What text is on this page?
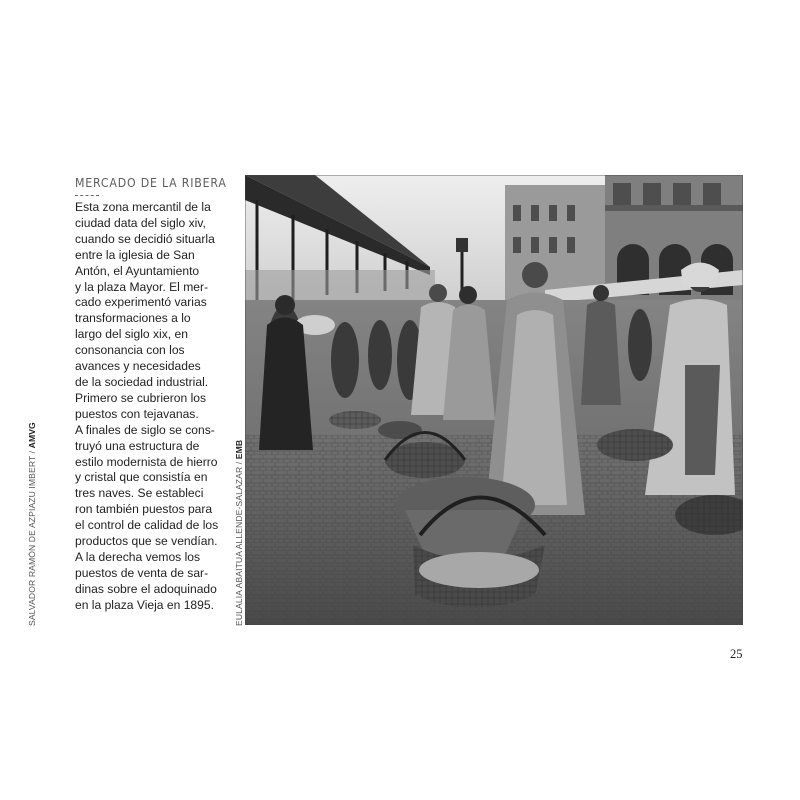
SALVADOR RAMÓN DE AZPIAZU IMBERT / AMVG
MERCADO DE LA RIBERA
Esta zona mercantil de la
ciudad data del siglo xiv,
cuando se decidió situarla
entre la iglesia de San
Antón, el Ayuntamiento
y la plaza Mayor. El mer-
cado experimentó varias
transformaciones a lo
largo del siglo xix, en
consonancia con los
avances y necesidades
de la sociedad industrial.
Primero se cubrieron los
puestos con tejavanas.
A finales de siglo se cons-
truyó una estructura de
estilo modernista de hierro
y cristal que consistía en
tres naves. Se estableci
ron también puestos para
el control de calidad de los
productos que se vendían.
A la derecha vemos los
puestos de venta de sar-
dinas sobre el adoquinado
en la plaza Vieja en 1895.	EULALIA ABAITUA ALLENDE-SALAZAR / EMB
25
